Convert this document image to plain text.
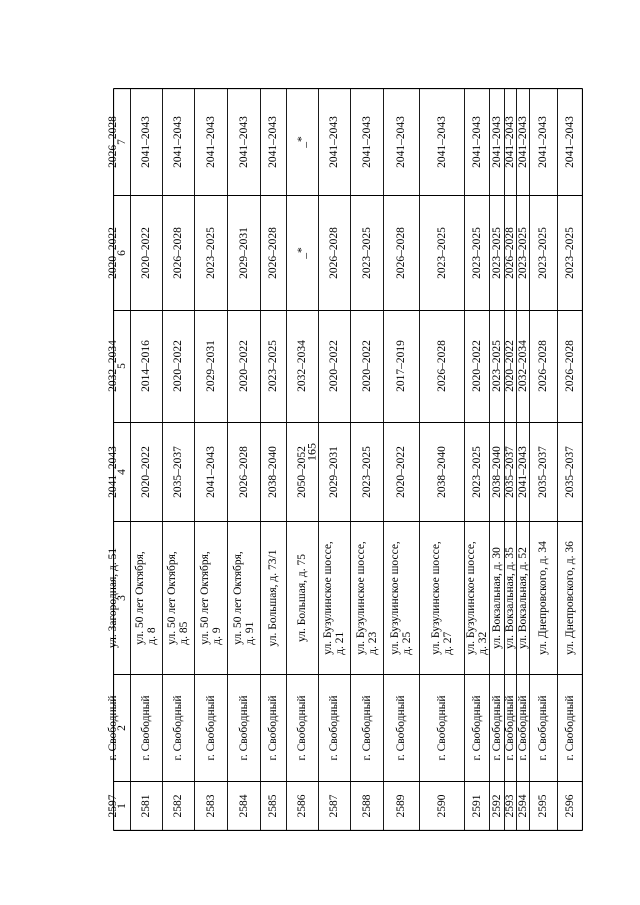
165
1
2
3
4
5
6
7
2581
г. Свободный
ул. 50 лет Октября, д. 8
2020–2022
2014–2016
2020–2022
2041–2043
2582
г. Свободный
ул. 50 лет Октября, д. 85
2035–2037
2020–2022
2026–2028
2041–2043
2583
г. Свободный
ул. 50 лет Октября, д. 9
2041–2043
2029–2031
2023–2025
2041–2043
2584
г. Свободный
ул. 50 лет Октября, д. 91
2026–2028
2020–2022
2029–2031
2041–2043
2585
г. Свободный
ул. Большая, д. 73/1
2038–2040
2023–2025
2026–2028
2041–2043
2586
г. Свободный
ул. Большая, д. 75
2050–2052
2032–2034
_*
_*
2587
г. Свободный
ул. Бузулинское шоссе, д. 21
2029–2031
2020–2022
2026–2028
2041–2043
2588
г. Свободный
ул. Бузулинское шоссе, д. 23
2023–2025
2020–2022
2023–2025
2041–2043
2589
г. Свободный
ул. Бузулинское шоссе, д. 25
2020–2022
2017–2019
2026–2028
2041–2043
2590
г. Свободный
ул. Бузулинское шоссе, д. 27
2038–2040
2026–2028
2023–2025
2041–2043
2591
г. Свободный
ул. Бузулинское шоссе, д. 32
2023–2025
2020–2022
2023–2025
2041–2043
2592
г. Свободный
ул. Вокзальная, д. 30
2038–2040
2023–2025
2023–2025
2041–2043
2593
г. Свободный
ул. Вокзальная, д. 35
2035–2037
2020–2022
2026–2028
2041–2043
2594
г. Свободный
ул. Вокзальная, д. 52
2041–2043
2032–2034
2023–2025
2041–2043
2595
г. Свободный
ул. Днепровского, д. 34
2035–2037
2026–2028
2023–2025
2041–2043
2596
г. Свободный
ул. Днепровского, д. 36
2035–2037
2026–2028
2023–2025
2041–2043
2597
г. Свободный
ул. Загородная, д. 51
2041–2043
2032–2034
2020–2022
2026–2028
